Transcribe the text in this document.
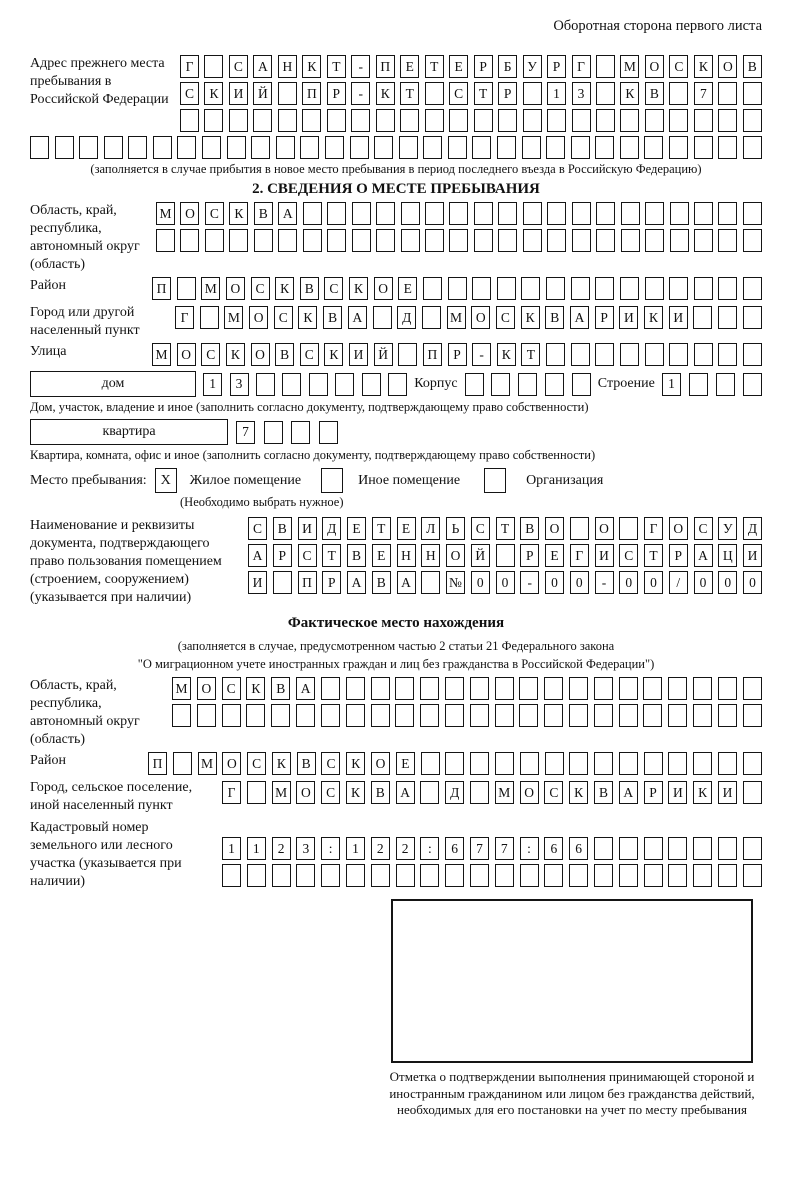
Оборотная сторона первого листа
Адрес прежнего места пребывания в Российской Федерации
Г	С	А	Н	К	Т	-	П	Е	Т	Е	Р	Б	У	Р	Г	М	О	С	К	О	В
С	К	И	Й	П	Р	-	К	Т	С	Т	Р	1	3	К	В	7
(заполняется в случае прибытия в новое место пребывания в период последнего въезда в Российскую Федерацию)
2. СВЕДЕНИЯ О МЕСТЕ ПРЕБЫВАНИЯ
Область, край, республика, автономный округ (область)
М	О	С	К	В	А
Район	П	М	О	С	К	В	С	К	О	Е
Город или другой населенный пункт
Г	М	О	С	К	В	А	Д	М	О	С	К	В	А	Р	И	К	И
Улица	М	О	С	К	О	В	С	К	И	Й	П	Р	-	К	Т
дом	1	3	Корпус	Строение 1
Дом, участок, владение и иное (заполнить согласно документу, подтверждающему право собственности)
квартира	7
Квартира, комната, офис и иное (заполнить согласно документу, подтверждающему право собственности)
Место пребывания: X	Жилое помещение	Иное помещение	Организация
(Необходимо выбрать нужное)
Наименование и реквизиты документа, подтверждающего право пользования помещением (строением, сооружением) (указывается при наличии)
С	В	И	Д	Е	Т	Е	Л	Ь	С	Т	В	О	О	Г	О	С	У	Д
А	Р	С	Т	В	Е	Н	Н	О	Й	Р	Е	Г	И	С	Т	Р	А	Ц	И
И	П	Р	А	В	А	№	0	0	-	0	0	-	0	0	/	0	0	0
Фактическое место нахождения
(заполняется в случае, предусмотренном частью 2 статьи 21 Федерального закона
"О миграционном учете иностранных граждан и лиц без гражданства в Российской Федерации")
Область, край, республика, автономный округ (область)
М	О	С	К	В	А
Район	П	М	О	С	К	В	С	К	О	Е
Город, сельское поселение, иной населенный пункт
Г	М	О	С	К	В	А	Д	М	О	С	К	В	А	Р	И	К	И
Кадастровый номер земельного или лесного участка (указывается при наличии)
1	1	2	3	:	1	2	2	:	6	7	7	:	6	6
Отметка о подтверждении выполнения принимающей стороной и иностранным гражданином или лицом без гражданства действий, необходимых для его постановки на учет по месту пребывания
